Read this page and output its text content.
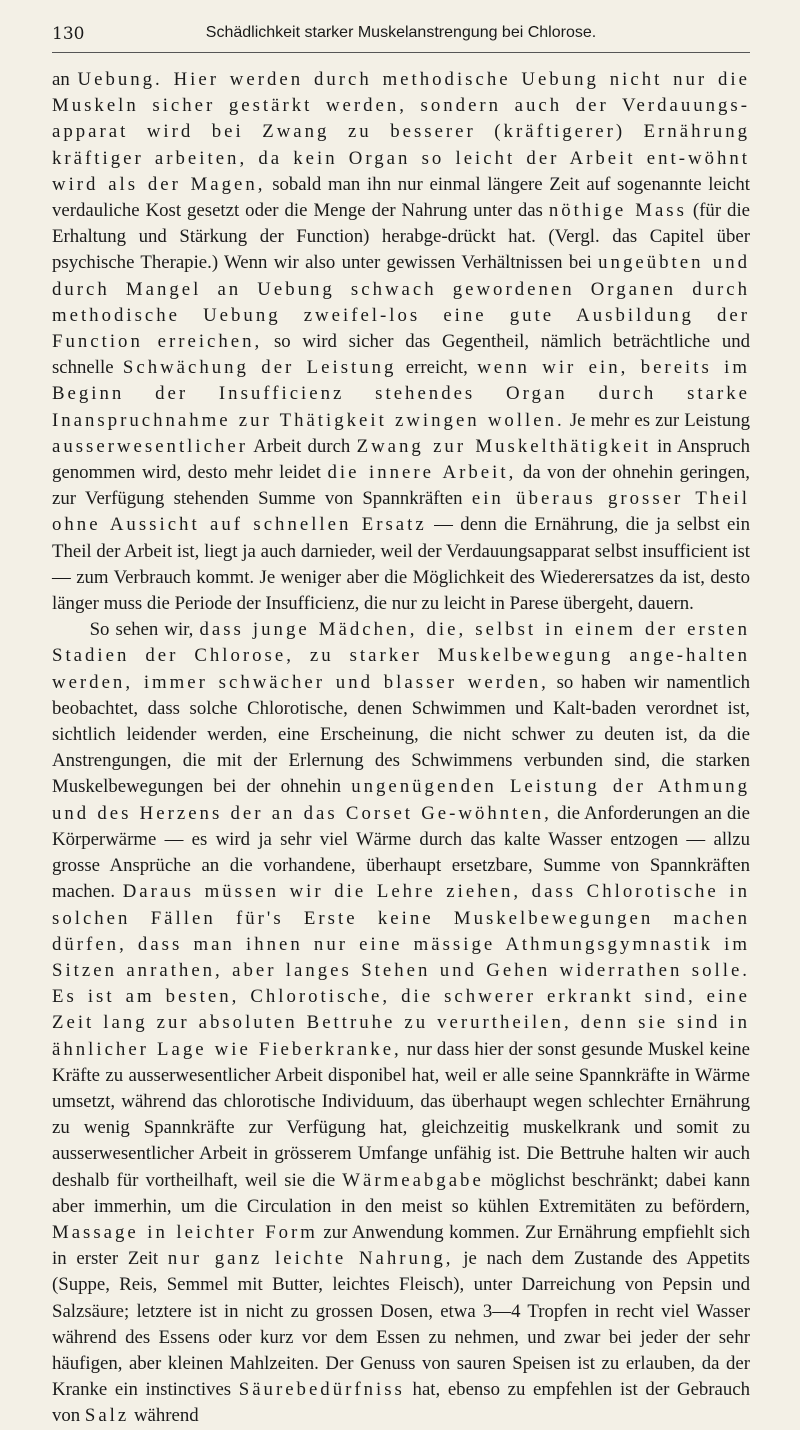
130	Schädlichkeit starker Muskelanstrengung bei Chlorose.

an Uebung. Hier werden durch methodische Uebung nicht nur die Muskeln sicher gestärkt werden, sondern auch der Verdauungs-apparat wird bei Zwang zu besserer (kräftigerer) Ernährung kräftiger arbeiten, da kein Organ so leicht der Arbeit ent-wöhnt wird als der Magen, sobald man ihn nur einmal längere Zeit auf sogenannte leicht verdauliche Kost gesetzt oder die Menge der Nahrung unter das nöthige Mass (für die Erhaltung und Stärkung der Function) herabge-drückt hat. (Vergl. das Capitel über psychische Therapie.) Wenn wir also unter gewissen Verhältnissen bei ungeübten und durch Mangel an Uebung schwach gewordenen Organen durch methodische Uebung zweifel-los eine gute Ausbildung der Function erreichen, so wird sicher das Gegentheil, nämlich beträchtliche und schnelle Schwächung der Leistung erreicht, wenn wir ein, bereits im Beginn der Insufficienz stehendes Organ durch starke Inanspruchnahme zur Thätigkeit zwingen wollen. Je mehr es zur Leistung ausserwesentlicher Arbeit durch Zwang zur Muskelthätigkeit in Anspruch genommen wird, desto mehr leidet die innere Arbeit, da von der ohnehin geringen, zur Verfügung stehenden Summe von Spannkräften ein überaus grosser Theil ohne Aussicht auf schnellen Ersatz — denn die Ernährung, die ja selbst ein Theil der Arbeit ist, liegt ja auch darnieder, weil der Verdauungsapparat selbst insufficient ist — zum Verbrauch kommt. Je weniger aber die Möglichkeit des Wiederersatzes da ist, desto länger muss die Periode der Insufficienz, die nur zu leicht in Parese übergeht, dauern.

So sehen wir, dass junge Mädchen, die, selbst in einem der ersten Stadien der Chlorose, zu starker Muskelbewegung ange-halten werden, immer schwächer und blasser werden, so haben wir namentlich beobachtet, dass solche Chlorotische, denen Schwimmen und Kalt-baden verordnet ist, sichtlich leidender werden, eine Erscheinung, die nicht schwer zu deuten ist, da die Anstrengungen, die mit der Erlernung des Schwimmens verbunden sind, die starken Muskelbewegungen bei der ohnehin ungenügenden Leistung der Athmung und des Herzens der an das Corset Ge-wöhnten, die Anforderungen an die Körperwärme — es wird ja sehr viel Wärme durch das kalte Wasser entzogen — allzu grosse Ansprüche an die vorhandene, überhaupt ersetzbare, Summe von Spannkräften machen. Daraus müssen wir die Lehre ziehen, dass Chlorotische in solchen Fällen für's Erste keine Muskelbewegungen machen dürfen, dass man ihnen nur eine mässige Athmungsgymnastik im Sitzen anrathen, aber langes Stehen und Gehen widerrathen solle. Es ist am besten, Chlorotische, die schwerer erkrankt sind, eine Zeit lang zur absoluten Bettruhe zu verurtheilen, denn sie sind in ähnlicher Lage wie Fieberkranke, nur dass hier der sonst gesunde Muskel keine Kräfte zu ausserwesentlicher Arbeit disponibel hat, weil er alle seine Spannkräfte in Wärme umsetzt, während das chlorotische Individuum, das überhaupt wegen schlechter Ernährung zu wenig Spannkräfte zur Verfügung hat, gleichzeitig muskelkrank und somit zu ausserwesentlicher Arbeit in grösserem Umfange unfähig ist. Die Bettruhe halten wir auch deshalb für vortheilhaft, weil sie die Wärmeabgabe möglichst beschränkt; dabei kann aber immerhin, um die Circulation in den meist so kühlen Extremitäten zu befördern, Massage in leichter Form zur Anwendung kommen. Zur Ernährung empfiehlt sich in erster Zeit nur ganz leichte Nahrung, je nach dem Zustande des Appetits (Suppe, Reis, Semmel mit Butter, leichtes Fleisch), unter Darreichung von Pepsin und Salzsäure; letztere ist in nicht zu grossen Dosen, etwa 3—4 Tropfen in recht viel Wasser während des Essens oder kurz vor dem Essen zu nehmen, und zwar bei jeder der sehr häufigen, aber kleinen Mahlzeiten. Der Genuss von sauren Speisen ist zu erlauben, da der Kranke ein instinctives Säurebedürfniss hat, ebenso zu empfehlen ist der Gebrauch von Salz während
